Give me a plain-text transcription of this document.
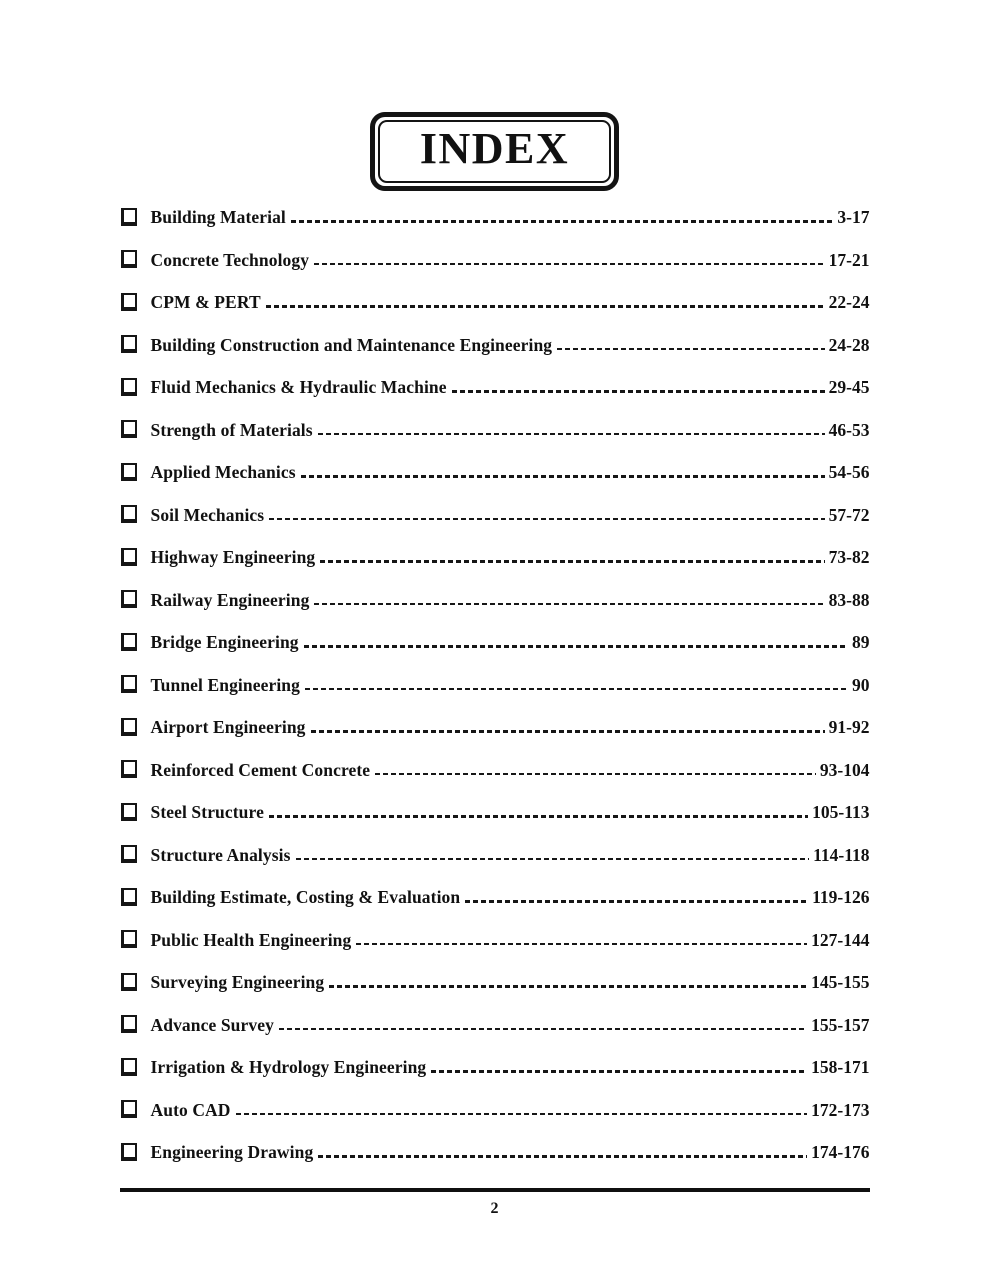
INDEX
Building Material	3-17
Concrete Technology	17-21
CPM & PERT	22-24
Building Construction and Maintenance Engineering	24-28
Fluid Mechanics & Hydraulic Machine	29-45
Strength of Materials	46-53
Applied Mechanics	54-56
Soil Mechanics	57-72
Highway Engineering	73-82
Railway Engineering	83-88
Bridge Engineering	89
Tunnel Engineering	90
Airport Engineering	91-92
Reinforced Cement Concrete	93-104
Steel Structure	105-113
Structure Analysis	114-118
Building Estimate, Costing & Evaluation	119-126
Public Health Engineering	127-144
Surveying Engineering	145-155
Advance Survey	155-157
Irrigation & Hydrology Engineering	158-171
Auto CAD	172-173
Engineering Drawing	174-176
2
